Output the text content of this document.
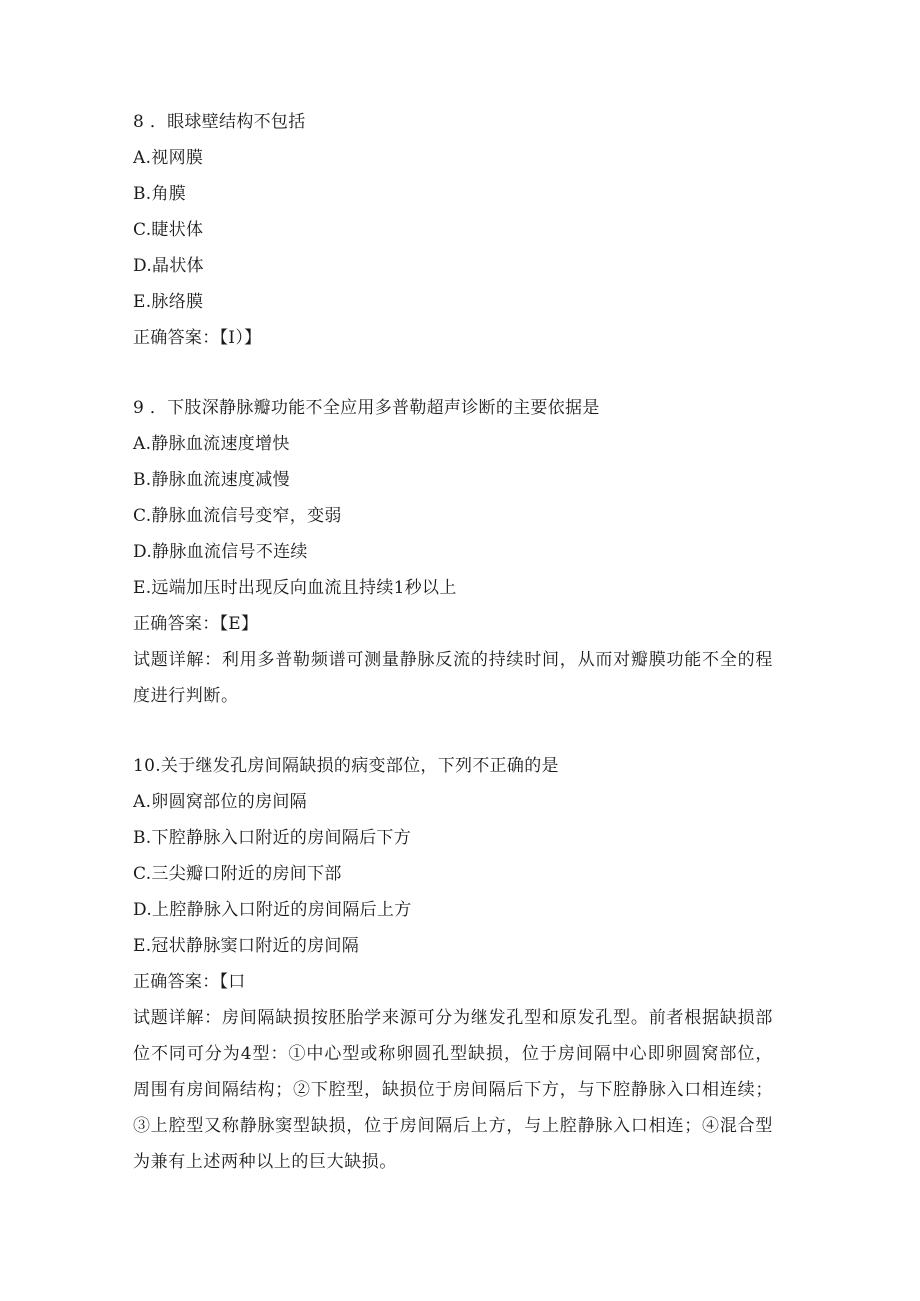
8 ．眼球壁结构不包括

A.视网膜

B.角膜

C.睫状体

D.晶状体

E.脉络膜

正确答案：【I）】

9 ．下肢深静脉瓣功能不全应用多普勒超声诊断的主要依据是

A.静脉血流速度增快

B.静脉血流速度减慢

C.静脉血流信号变窄，变弱

D.静脉血流信号不连续

E.远端加压时出现反向血流且持续1秒以上

正确答案：【E】

试题详解：利用多普勒频谱可测量静脉反流的持续时间，从而对瓣膜功能不全的程度进行判断。

10.关于继发孔房间隔缺损的病变部位，下列不正确的是

A.卵圆窝部位的房间隔

B.下腔静脉入口附近的房间隔后下方

C.三尖瓣口附近的房间下部

D.上腔静脉入口附近的房间隔后上方

E.冠状静脉窦口附近的房间隔

正确答案：【口

试题详解：房间隔缺损按胚胎学来源可分为继发孔型和原发孔型。前者根据缺损部位不同可分为4型：①中心型或称卵圆孔型缺损，位于房间隔中心即卵圆窝部位，周围有房间隔结构；②下腔型，缺损位于房间隔后下方，与下腔静脉入口相连续；③上腔型又称静脉窦型缺损，位于房间隔后上方，与上腔静脉入口相连；④混合型为兼有上述两种以上的巨大缺损。
